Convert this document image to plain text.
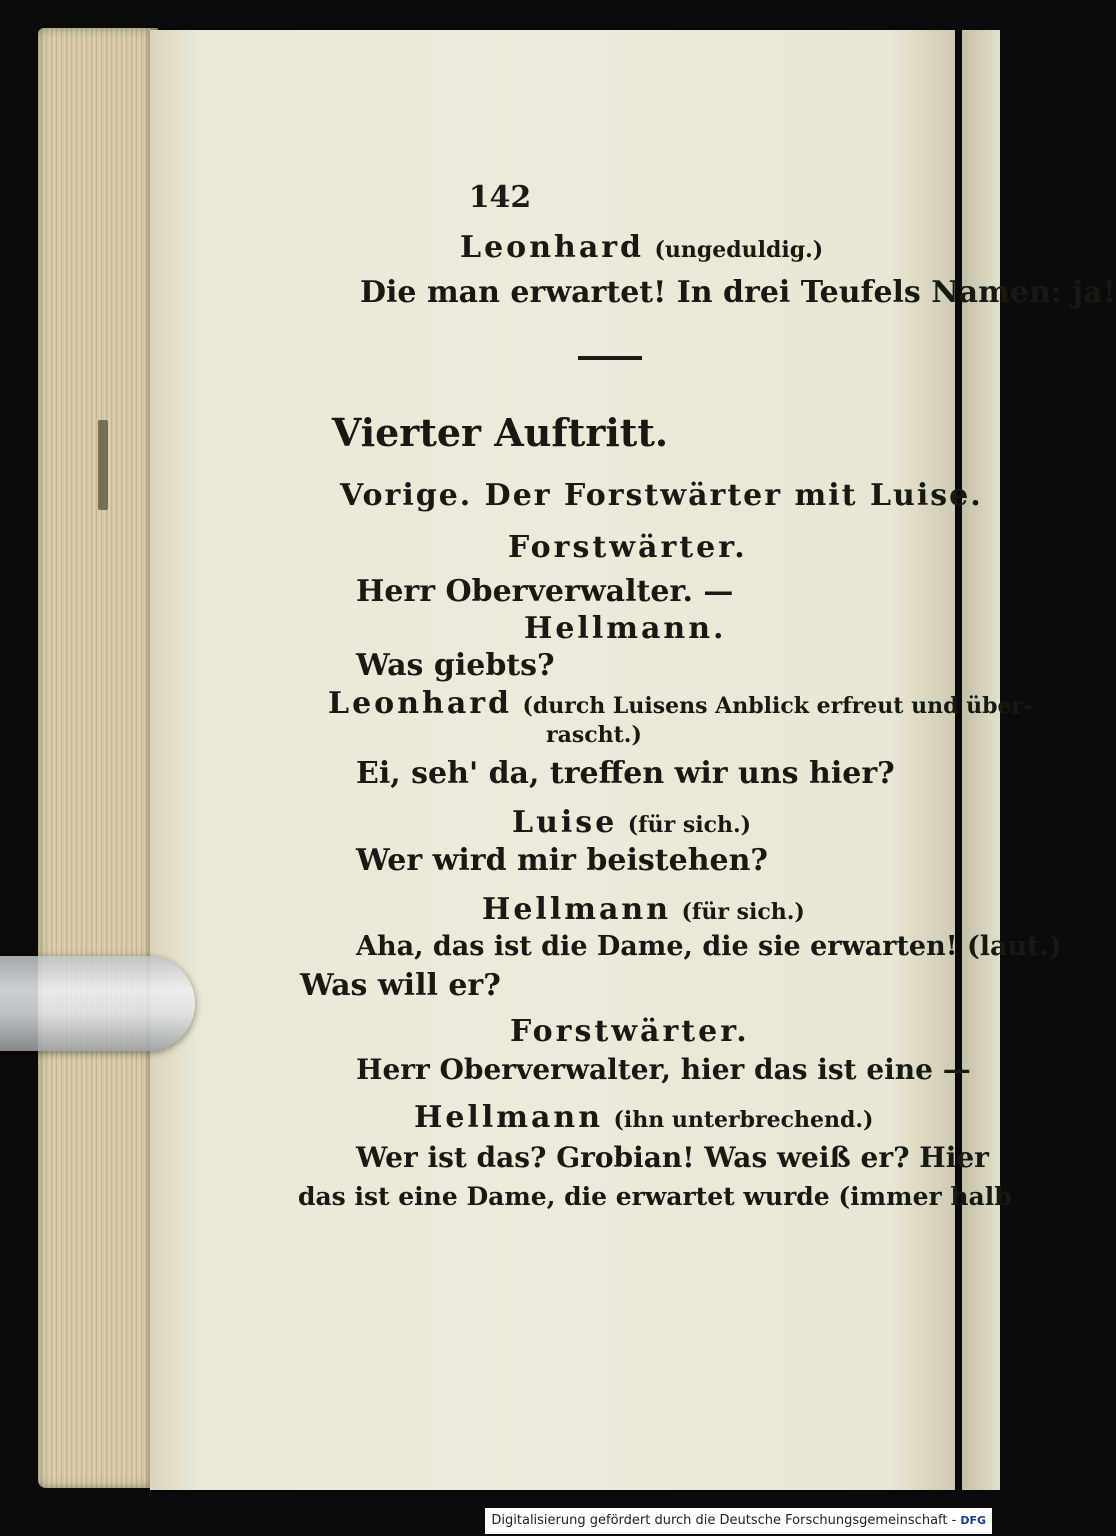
142
Leonhard (ungeduldig.)
Die man erwartet! In drei Teufels Namen: ja!
Vierter Auftritt.
Vorige. Der Forstwärter mit Luise.
Forstwärter.
Herr Oberverwalter. —
Hellmann.
Was giebts?
Leonhard (durch Luisens Anblick erfreut und über-
rascht.)
Ei, seh' da, treffen wir uns hier?
Luise (für sich.)
Wer wird mir beistehen?
Hellmann (für sich.)
Aha, das ist die Dame, die sie erwarten! (laut.)
Was will er?
Forstwärter.
Herr Oberverwalter, hier das ist eine —
Hellmann (ihn unterbrechend.)
Wer ist das? Grobian! Was weiß er? Hier
das ist eine Dame, die erwartet wurde (immer halb
Digitalisierung gefördert durch die Deutsche Forschungsgemeinschaft - DFG
